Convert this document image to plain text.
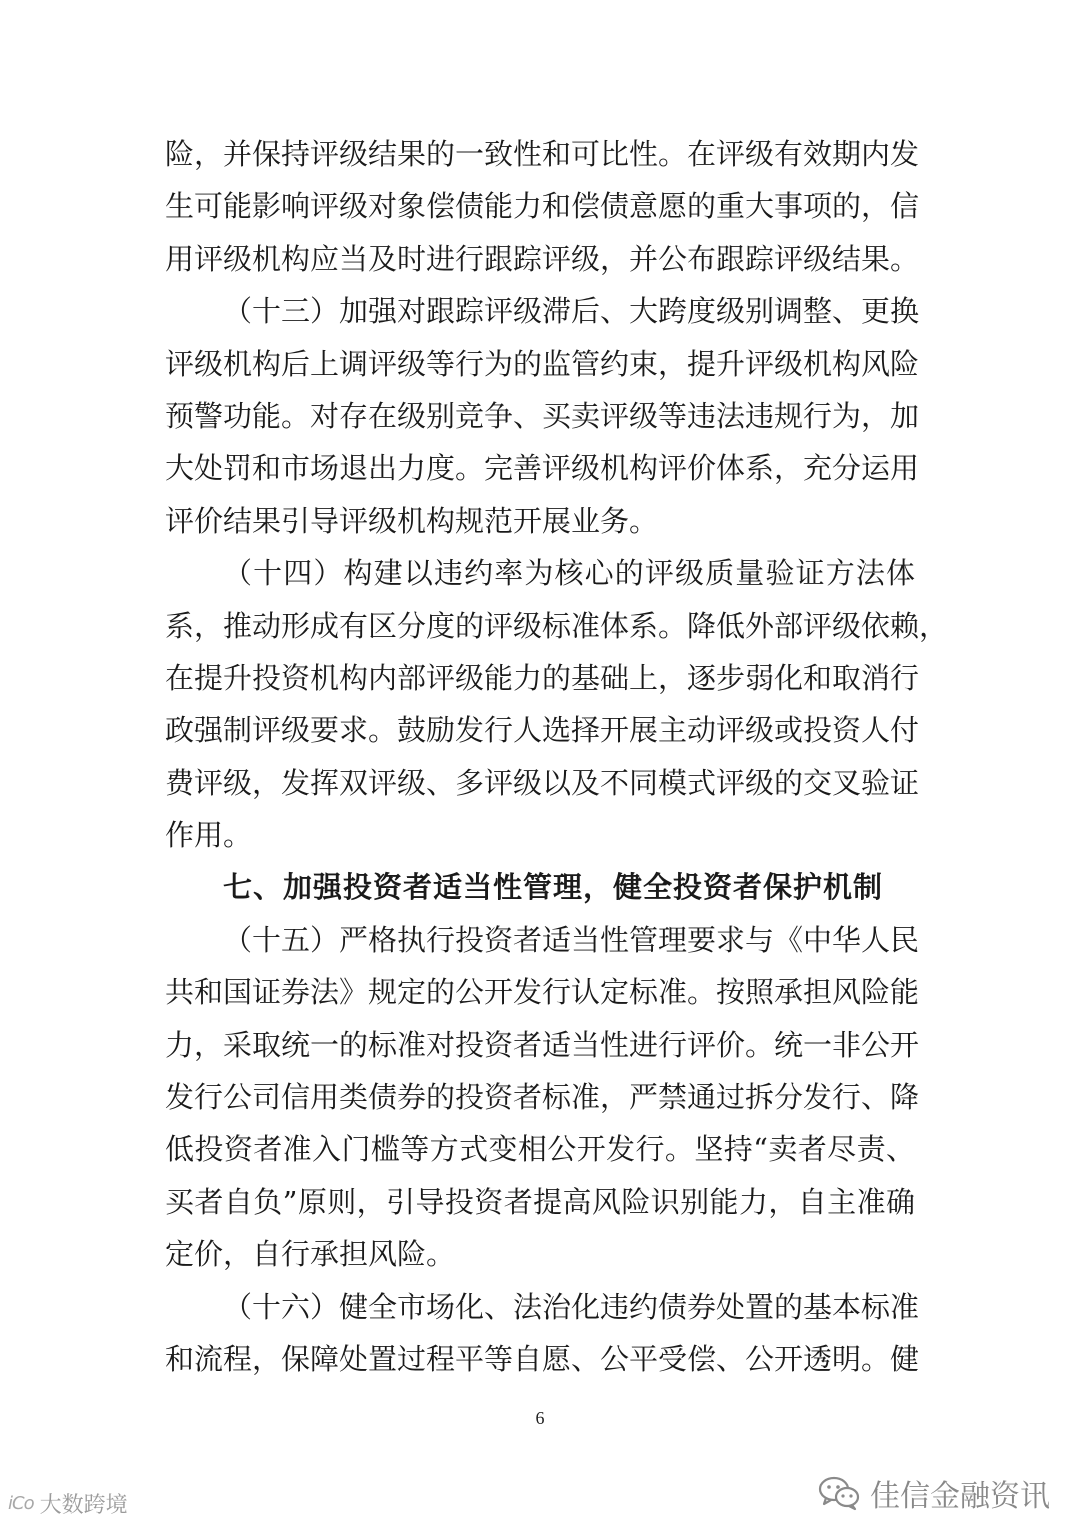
险，并保持评级结果的一致性和可比性。在评级有效期内发
生可能影响评级对象偿债能力和偿债意愿的重大事项的，信
用评级机构应当及时进行跟踪评级，并公布跟踪评级结果。
（十三）加强对跟踪评级滞后、大跨度级别调整、更换
评级机构后上调评级等行为的监管约束，提升评级机构风险
预警功能。对存在级别竞争、买卖评级等违法违规行为，加
大处罚和市场退出力度。完善评级机构评价体系，充分运用
评价结果引导评级机构规范开展业务。
（十四）构建以违约率为核心的评级质量验证方法体
系，推动形成有区分度的评级标准体系。降低外部评级依赖，
在提升投资机构内部评级能力的基础上，逐步弱化和取消行
政强制评级要求。鼓励发行人选择开展主动评级或投资人付
费评级，发挥双评级、多评级以及不同模式评级的交叉验证
作用。
七、加强投资者适当性管理，健全投资者保护机制
（十五）严格执行投资者适当性管理要求与《中华人民
共和国证券法》规定的公开发行认定标准。按照承担风险能
力，采取统一的标准对投资者适当性进行评价。统一非公开
发行公司信用类债券的投资者标准，严禁通过拆分发行、降
低投资者准入门槛等方式变相公开发行。坚持“卖者尽责、
买者自负”原则，引导投资者提高风险识别能力，自主准确
定价，自行承担风险。
（十六）健全市场化、法治化违约债券处置的基本标准
和流程，保障处置过程平等自愿、公平受偿、公开透明。健
6
iCo 大数跨境	佳信金融资讯
